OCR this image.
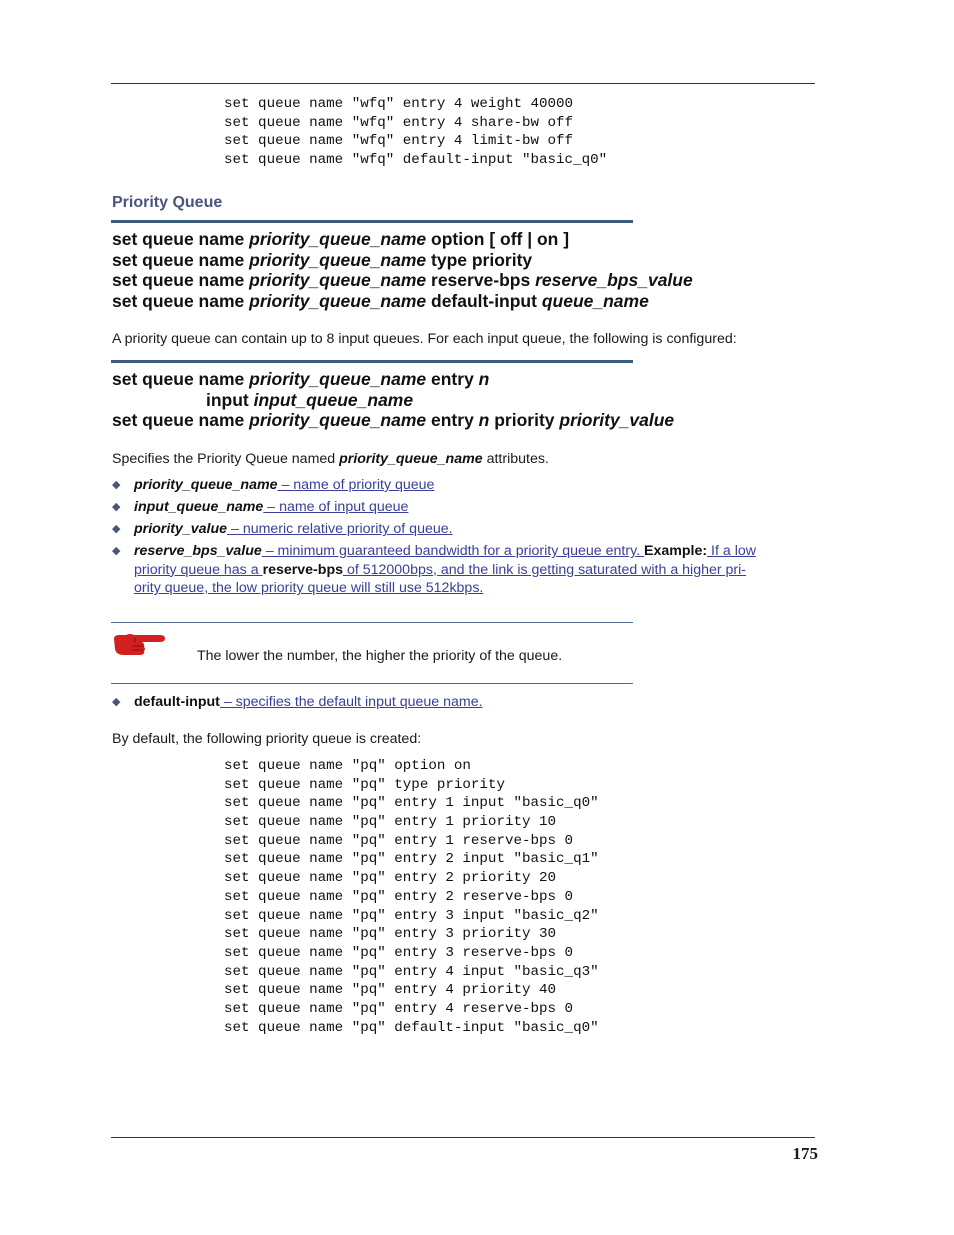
set queue name "wfq" entry 4 weight 40000
set queue name "wfq" entry 4 share-bw off
set queue name "wfq" entry 4 limit-bw off
set queue name "wfq" default-input "basic_q0"
Priority Queue
set queue name priority_queue_name option [ off | on ]
set queue name priority_queue_name type priority
set queue name priority_queue_name reserve-bps reserve_bps_value
set queue name priority_queue_name default-input queue_name
A priority queue can contain up to 8 input queues. For each input queue, the following is configured:
set queue name priority_queue_name entry n
input input_queue_name
set queue name priority_queue_name entry n priority priority_value
Specifies the Priority Queue named priority_queue_name attributes.
◆ priority_queue_name – name of priority queue
◆ input_queue_name – name of input queue
◆ priority_value – numeric relative priority of queue.
◆ reserve_bps_value – minimum guaranteed bandwidth for a priority queue entry. Example: If a low
priority queue has a reserve-bps of 512000bps, and the link is getting saturated with a higher pri-
ority queue, the low priority queue will still use 512kbps.
The lower the number, the higher the priority of the queue.
◆ default-input – specifies the default input queue name.
By default, the following priority queue is created:
set queue name "pq" option on
set queue name "pq" type priority
set queue name "pq" entry 1 input "basic_q0"
set queue name "pq" entry 1 priority 10
set queue name "pq" entry 1 reserve-bps 0
set queue name "pq" entry 2 input "basic_q1"
set queue name "pq" entry 2 priority 20
set queue name "pq" entry 2 reserve-bps 0
set queue name "pq" entry 3 input "basic_q2"
set queue name "pq" entry 3 priority 30
set queue name "pq" entry 3 reserve-bps 0
set queue name "pq" entry 4 input "basic_q3"
set queue name "pq" entry 4 priority 40
set queue name "pq" entry 4 reserve-bps 0
set queue name "pq" default-input "basic_q0"
175
